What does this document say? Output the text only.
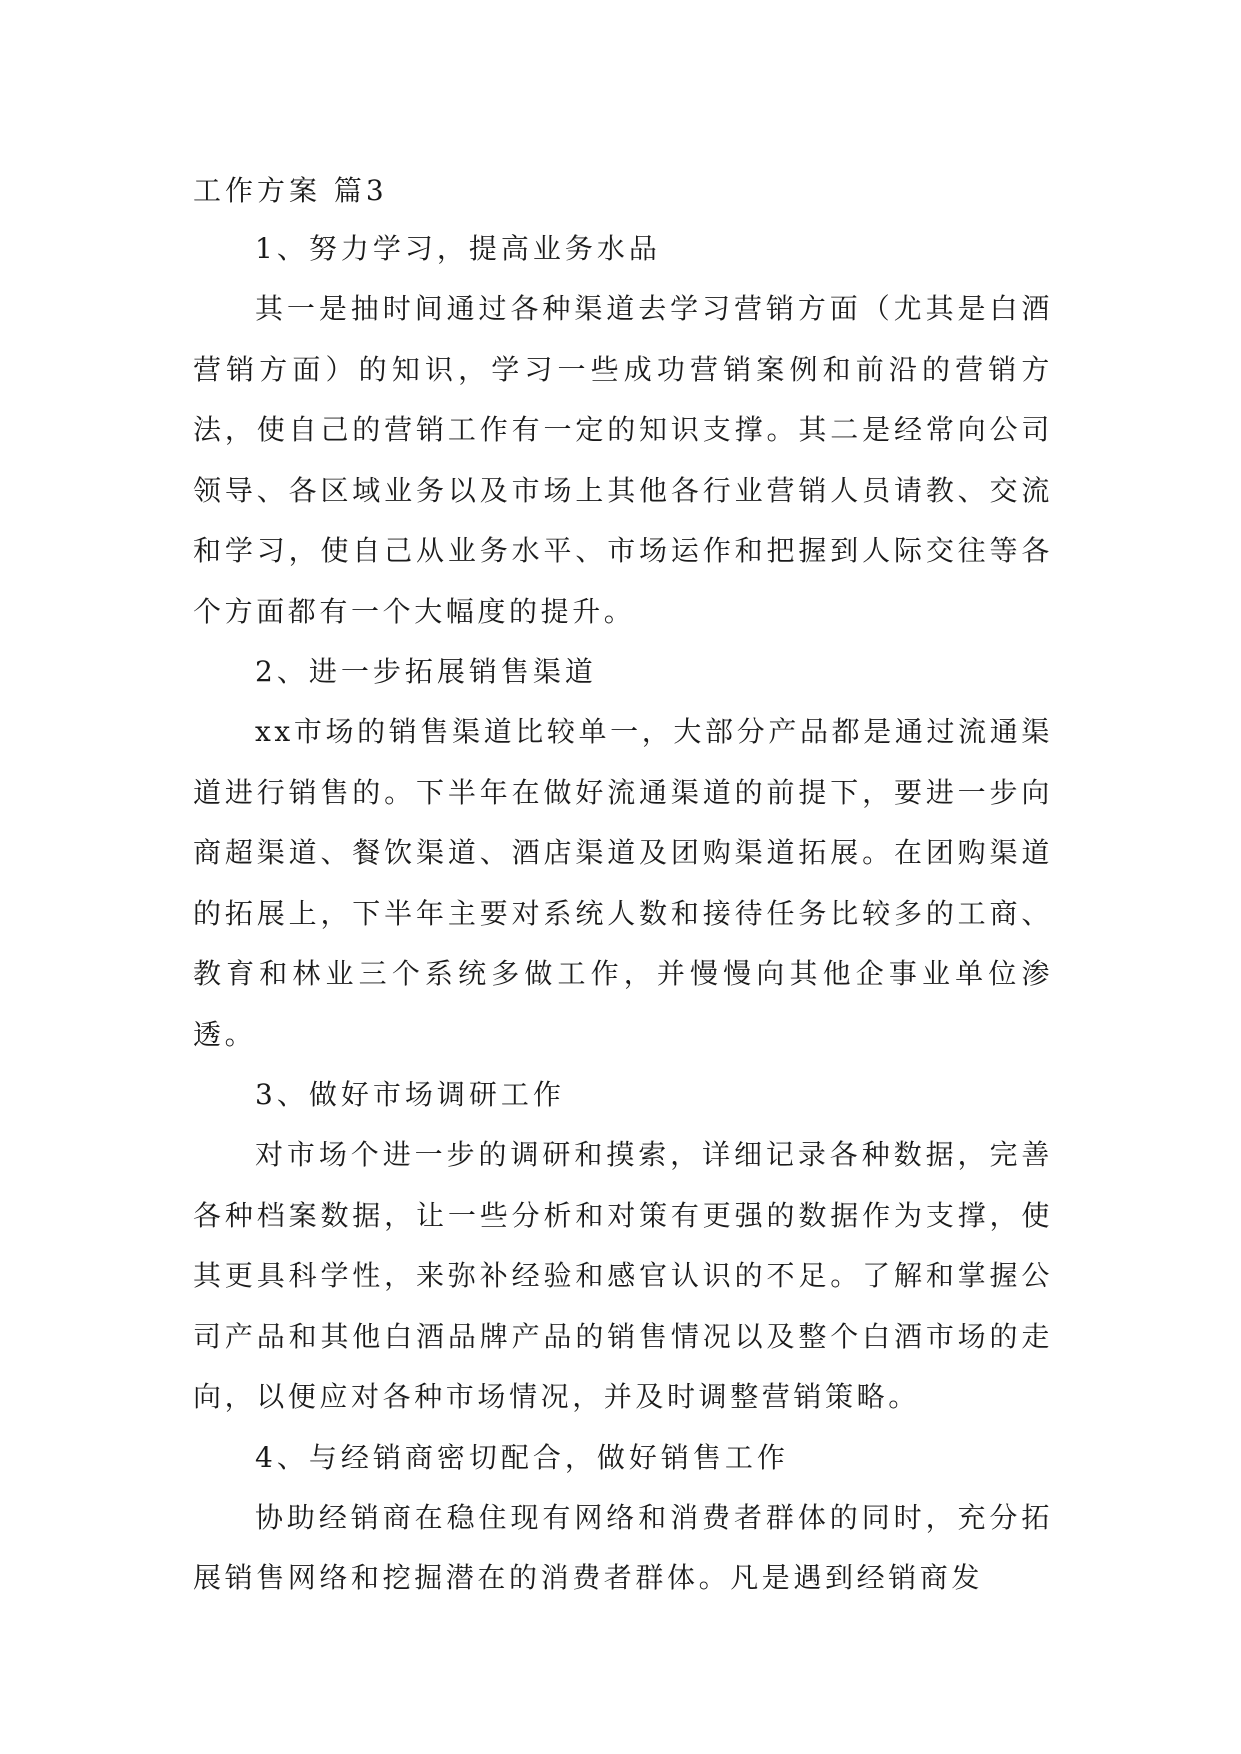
工作方案 篇3

1、努力学习，提高业务水品

其一是抽时间通过各种渠道去学习营销方面（尤其是白酒营销方面）的知识，学习一些成功营销案例和前沿的营销方法，使自己的营销工作有一定的知识支撑。其二是经常向公司领导、各区域业务以及市场上其他各行业营销人员请教、交流和学习，使自己从业务水平、市场运作和把握到人际交往等各个方面都有一个大幅度的提升。

2、进一步拓展销售渠道

xx市场的销售渠道比较单一，大部分产品都是通过流通渠道进行销售的。下半年在做好流通渠道的前提下，要进一步向商超渠道、餐饮渠道、酒店渠道及团购渠道拓展。在团购渠道的拓展上，下半年主要对系统人数和接待任务比较多的工商、教育和林业三个系统多做工作，并慢慢向其他企事业单位渗透。

3、做好市场调研工作

对市场个进一步的调研和摸索，详细记录各种数据，完善各种档案数据，让一些分析和对策有更强的数据作为支撑，使其更具科学性，来弥补经验和感官认识的不足。了解和掌握公司产品和其他白酒品牌产品的销售情况以及整个白酒市场的走向，以便应对各种市场情况，并及时调整营销策略。

4、与经销商密切配合，做好销售工作

协助经销商在稳住现有网络和消费者群体的同时，充分拓展销售网络和挖掘潜在的消费者群体。凡是遇到经销商发
